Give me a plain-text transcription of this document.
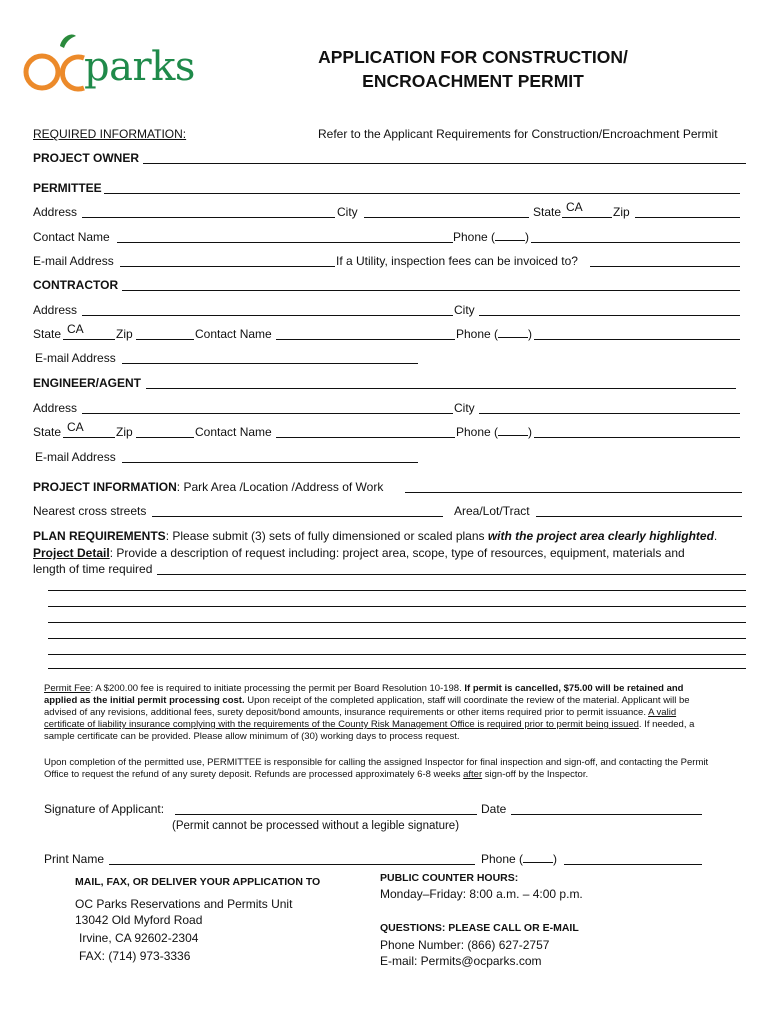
parks	APPLICATION FOR CONSTRUCTION/
ENCROACHMENT PERMIT
REQUIRED INFORMATION:	Refer to the Applicant Requirements for Construction/Encroachment Permit
PROJECT OWNER
PERMITTEE
Address	City	State CA	Zip
Contact Name	Phone (	)
E-mail Address	If a Utility, inspection fees can be invoiced to?
CONTRACTOR
Address	City
State CA	Zip	Contact Name	Phone (	)
E-mail Address
ENGINEER/AGENT
Address	City
State CA	Zip	Contact Name	Phone (	)
E-mail Address
PROJECT INFORMATION: Park Area /Location /Address of Work
Nearest cross streets	Area/Lot/Tract
PLAN REQUIREMENTS: Please submit (3) sets of fully dimensioned or scaled plans with the project area clearly highlighted.
Project Detail: Provide a description of request including: project area, scope, type of resources, equipment, materials and
length of time required
Permit Fee: A $200.00 fee is required to initiate processing the permit per Board Resolution 10-198. If permit is cancelled, $75.00 will be retained and
applied as the initial permit processing cost. Upon receipt of the completed application, staff will coordinate the review of the material. Applicant will be
advised of any revisions, additional fees, surety deposit/bond amounts, insurance requirements or other items required prior to permit issuance. A valid
certificate of liability insurance complying with the requirements of the County Risk Management Office is required prior to permit being issued. If needed, a
sample certificate can be provided. Please allow minimum of (30) working days to process request.
Upon completion of the permitted use, PERMITTEE is responsible for calling the assigned Inspector for final inspection and sign-off, and contacting the Permit
Office to request the refund of any surety deposit. Refunds are processed approximately 6-8 weeks after sign-off by the Inspector.
Signature of Applicant:	Date
(Permit cannot be processed without a legible signature)
Print Name	Phone (	)
MAIL, FAX, OR DELIVER YOUR APPLICATION TO
OC Parks Reservations and Permits Unit
13042 Old Myford Road
Irvine, CA 92602-2304
FAX: (714) 973-3336
PUBLIC COUNTER HOURS:
Monday–Friday: 8:00 a.m. – 4:00 p.m.
QUESTIONS: PLEASE CALL OR E-MAIL
Phone Number: (866) 627-2757
E-mail: Permits@ocparks.com
